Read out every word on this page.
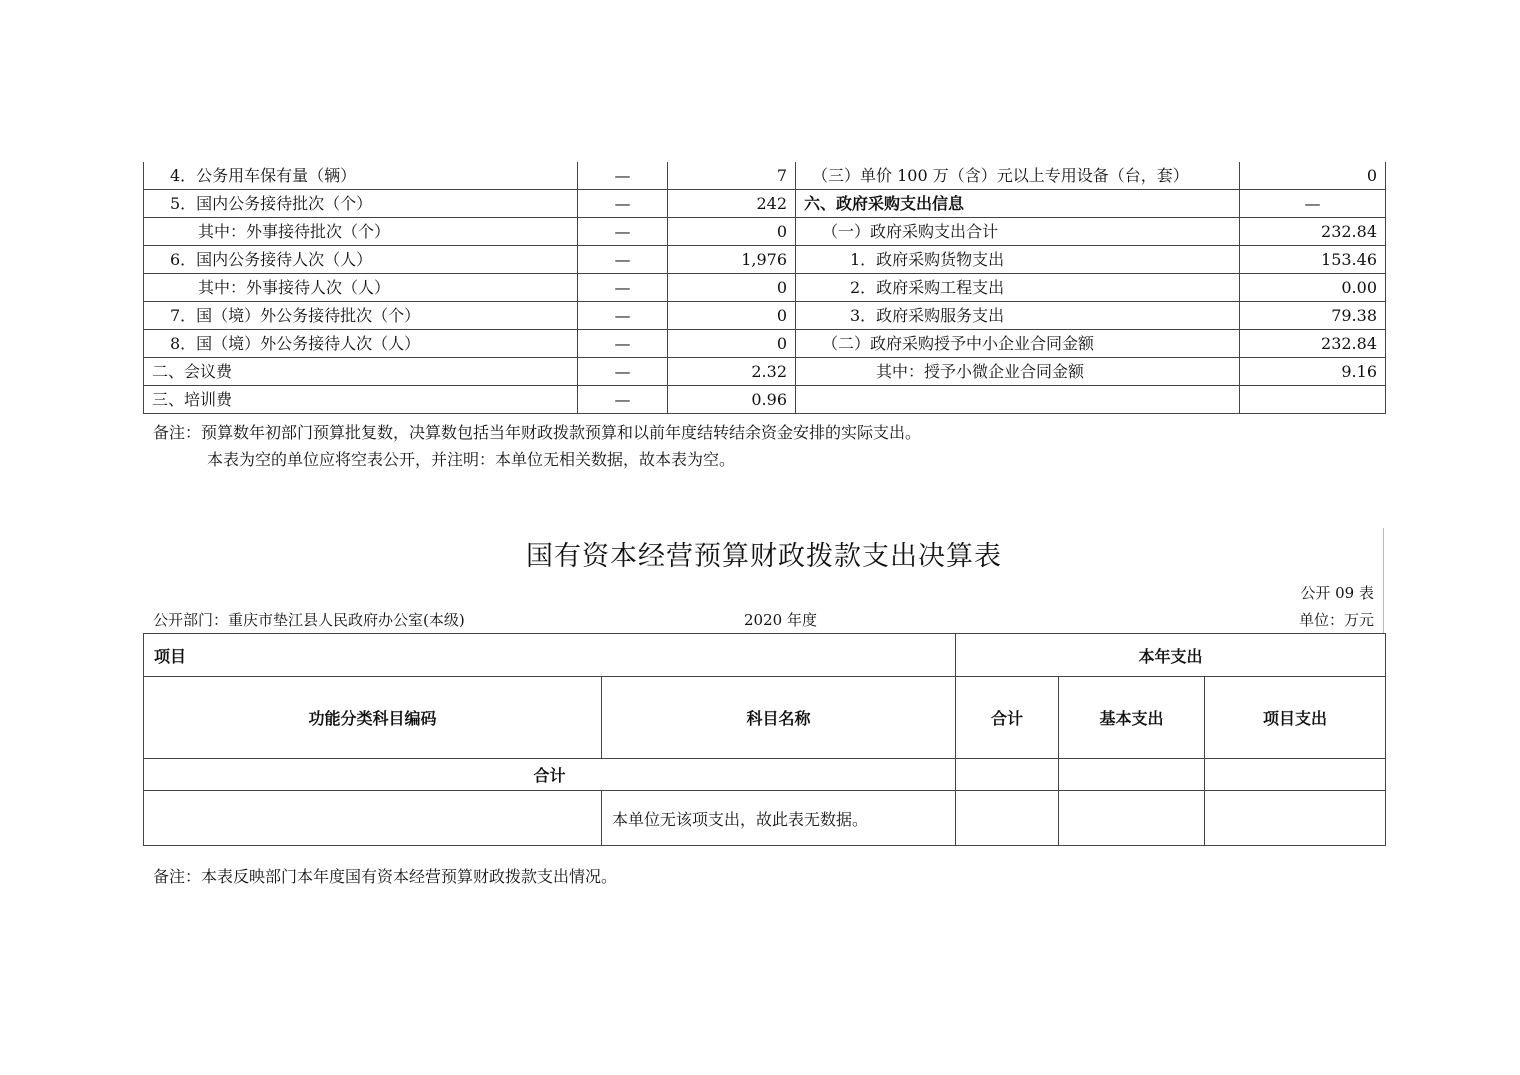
4．公务用车保有量（辆）	—	7	（三）单价 100 万（含）元以上专用设备（台，套）	0
5．国内公务接待批次（个）	—	242	六、政府采购支出信息	—
其中：外事接待批次（个）	—	0	（一）政府采购支出合计	232.84
6．国内公务接待人次（人）	—	1,976	1．政府采购货物支出	153.46
其中：外事接待人次（人）	—	0	2．政府采购工程支出	0.00
7．国（境）外公务接待批次（个）	—	0	3．政府采购服务支出	79.38
8．国（境）外公务接待人次（人）	—	0	（二）政府采购授予中小企业合同金额	232.84
二、会议费	—	2.32	其中：授予小微企业合同金额	9.16
三、培训费	—	0.96		
备注：预算数年初部门预算批复数，决算数包括当年财政拨款预算和以前年度结转结余资金安排的实际支出。
本表为空的单位应将空表公开，并注明：本单位无相关数据，故本表为空。
国有资本经营预算财政拨款支出决算表
公开 09 表
公开部门：重庆市垫江县人民政府办公室(本级)	2020 年度	单位：万元
项目		本年支出		
功能分类科目编码	科目名称	合计	基本支出	项目支出
合计				
	本单位无该项支出，故此表无数据。			
备注：本表反映部门本年度国有资本经营预算财政拨款支出情况。
